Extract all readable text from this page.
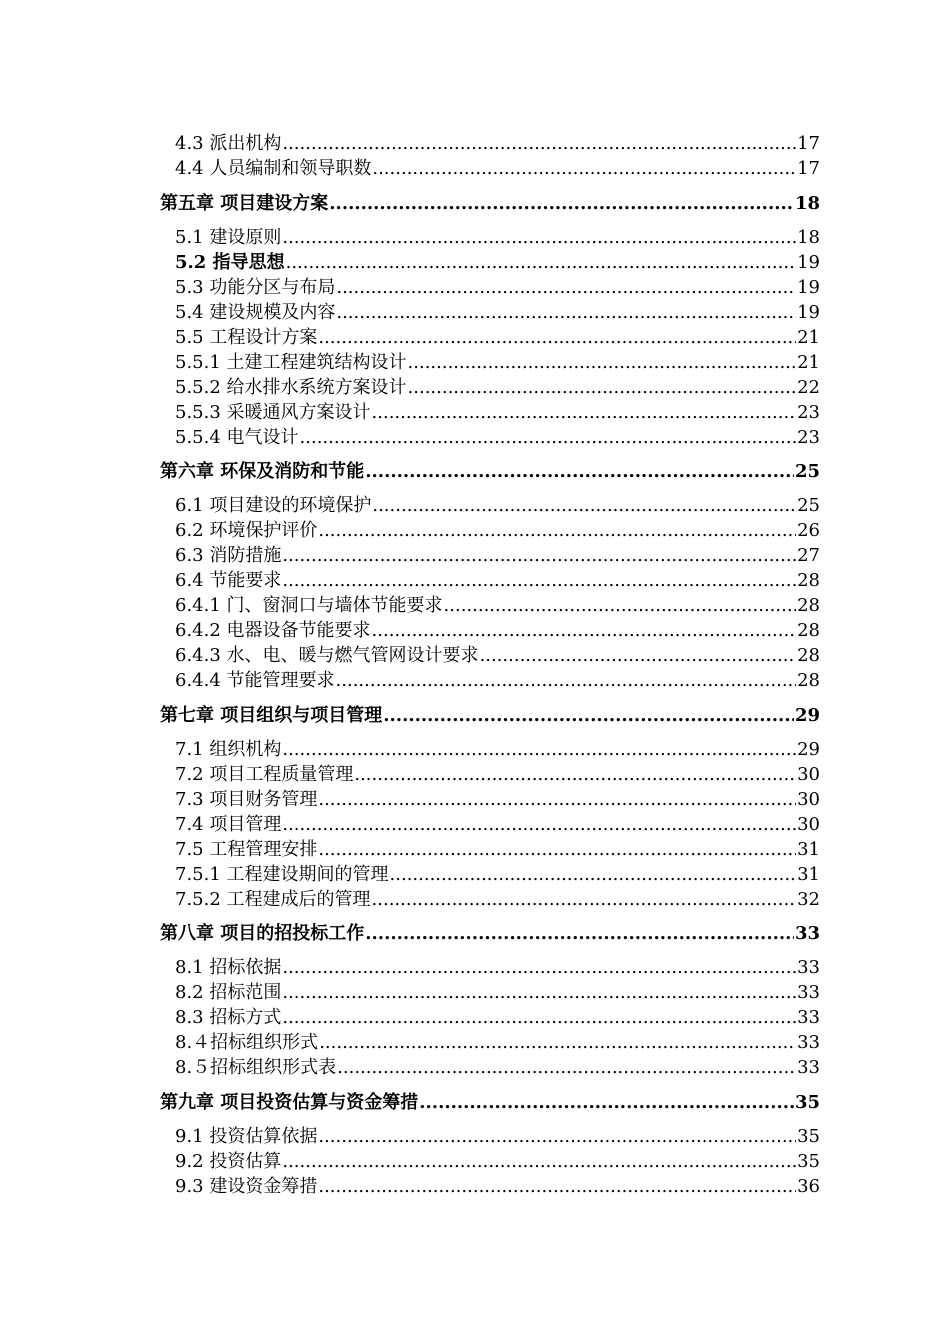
4.3 派出机构 .....	17
4.4 人员编制和领导职数 .....	17
第五章 项目建设方案 .....	18
5.1 建设原则 .....	18
5.2 指导思想 .....	19
5.3 功能分区与布局 .....	19
5.4 建设规模及内容 .....	19
5.5 工程设计方案 .....	21
5.5.1 土建工程建筑结构设计 .....	21
5.5.2 给水排水系统方案设计 .....	22
5.5.3 采暖通风方案设计 .....	23
5.5.4 电气设计 .....	23
第六章 环保及消防和节能 .....	25
6.1 项目建设的环境保护 .....	25
6.2 环境保护评价 .....	26
6.3 消防措施 .....	27
6.4 节能要求 .....	28
6.4.1 门、窗洞口与墙体节能要求 .....	28
6.4.2 电器设备节能要求 .....	28
6.4.3 水、电、暖与燃气管网设计要求 .....	28
6.4.4 节能管理要求 .....	28
第七章 项目组织与项目管理 .....	29
7.1 组织机构 .....	29
7.2 项目工程质量管理 .....	30
7.3 项目财务管理 .....	30
7.4 项目管理 .....	30
7.5 工程管理安排 .....	31
7.5.1 工程建设期间的管理 .....	31
7.5.2 工程建成后的管理 .....	32
第八章 项目的招投标工作 .....	33
8.1 招标依据 .....	33
8.2 招标范围 .....	33
8.3 招标方式 .....	33
8.４招标组织形式 .....	33
8.５招标组织形式表 .....	33
第九章 项目投资估算与资金筹措 .....	35
9.1 投资估算依据 .....	35
9.2 投资估算 .....	35
9.3 建设资金筹措 .....	36
